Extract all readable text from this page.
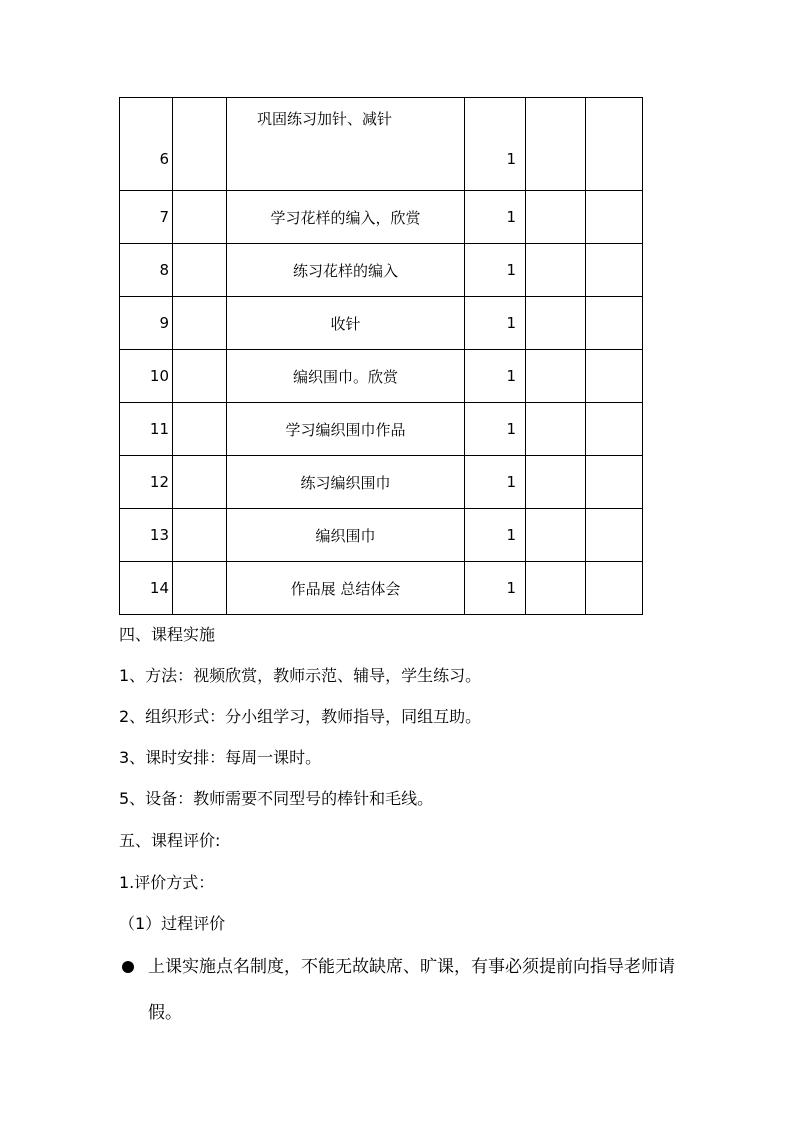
6		巩固练习加针、减针	1		

7		学习花样的编入，欣赏	1		
8		练习花样的编入	1		
9		收针	1		
10		编织围巾。欣赏	1		
11		学习编织围巾作品	1		
12		练习编织围巾	1		
13		编织围巾	1		
14		作品展 总结体会	1		
四、课程实施
1、方法：视频欣赏，教师示范、辅导，学生练习。
2、组织形式：分小组学习，教师指导，同组互助。
3、课时安排：每周一课时。
5、设备：教师需要不同型号的棒针和毛线。
五、课程评价:
1.评价方式：
（1）过程评价
上课实施点名制度，不能无故缺席、旷课，有事必须提前向指导老师请假。
